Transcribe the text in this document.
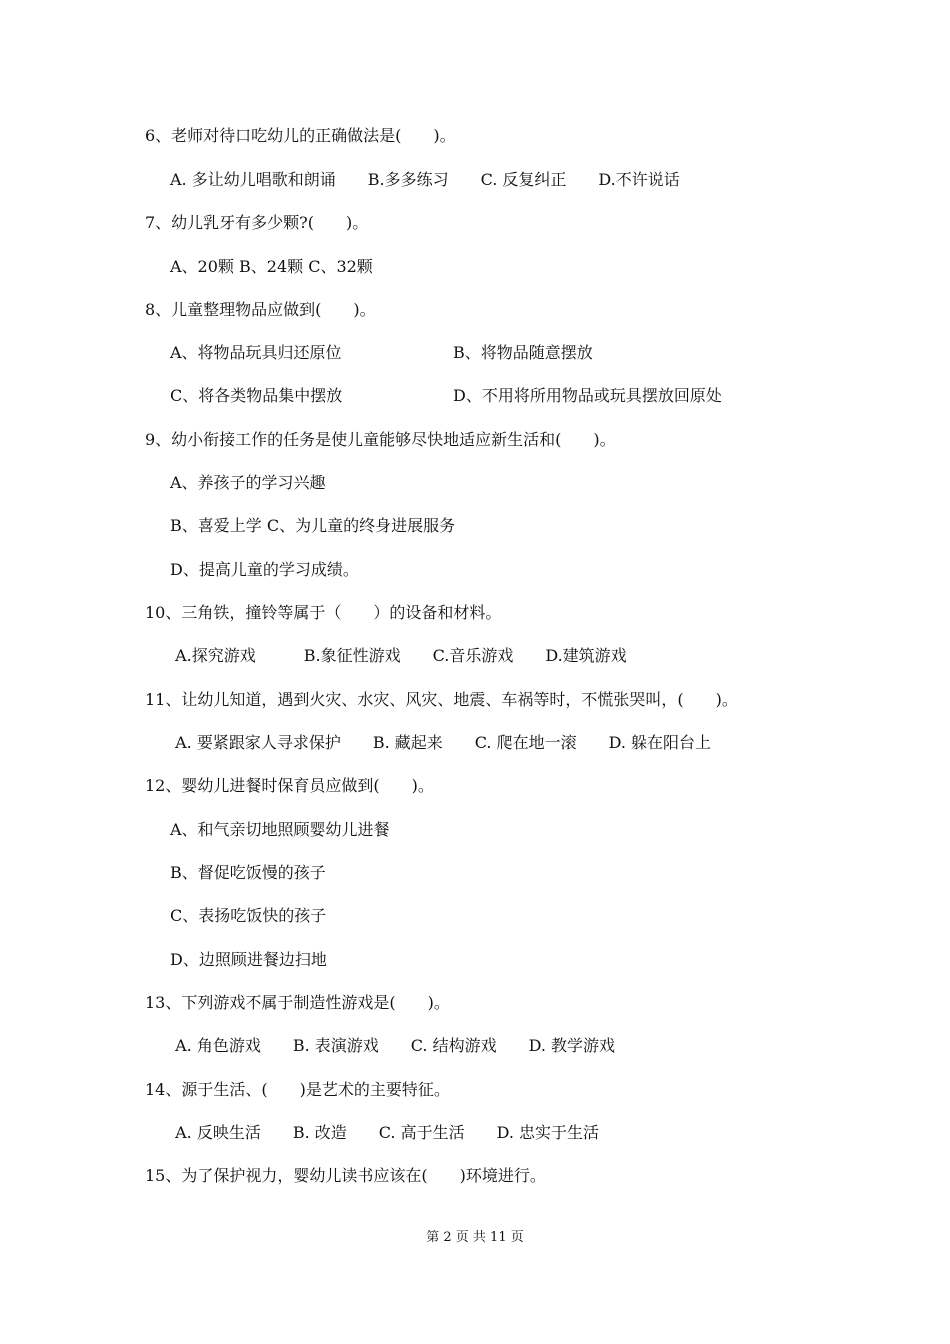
6、老师对待口吃幼儿的正确做法是(　　)。
A. 多让幼儿唱歌和朗诵　　B.多多练习　　C. 反复纠正　　D.不许说话
7、幼儿乳牙有多少颗?(　　)。
A、20颗 B、24颗 C、32颗
8、儿童整理物品应做到(　　)。
A、将物品玩具归还原位	B、将物品随意摆放
C、将各类物品集中摆放	D、不用将所用物品或玩具摆放回原处
9、幼小衔接工作的任务是使儿童能够尽快地适应新生活和(　　)。
A、养孩子的学习兴趣
B、喜爱上学 C、为儿童的终身进展服务
D、提高儿童的学习成绩。
10、三角铁，撞铃等属于（　　）的设备和材料。
A.探究游戏　　　B.象征性游戏　　C.音乐游戏　　D.建筑游戏
11、让幼儿知道，遇到火灾、水灾、风灾、地震、车祸等时，不慌张哭叫，(　　)。
A. 要紧跟家人寻求保护　　B. 藏起来　　C. 爬在地一滚　　D. 躲在阳台上
12、婴幼儿进餐时保育员应做到(　　)。
A、和气亲切地照顾婴幼儿进餐
B、督促吃饭慢的孩子
C、表扬吃饭快的孩子
D、边照顾进餐边扫地
13、下列游戏不属于制造性游戏是(　　)。
A. 角色游戏　　B. 表演游戏　　C. 结构游戏　　D. 教学游戏
14、源于生活、(　　)是艺术的主要特征。
A. 反映生活　　B. 改造　　C. 高于生活　　D. 忠实于生活
15、为了保护视力，婴幼儿读书应该在(　　)环境进行。
第 2 页 共 11 页
